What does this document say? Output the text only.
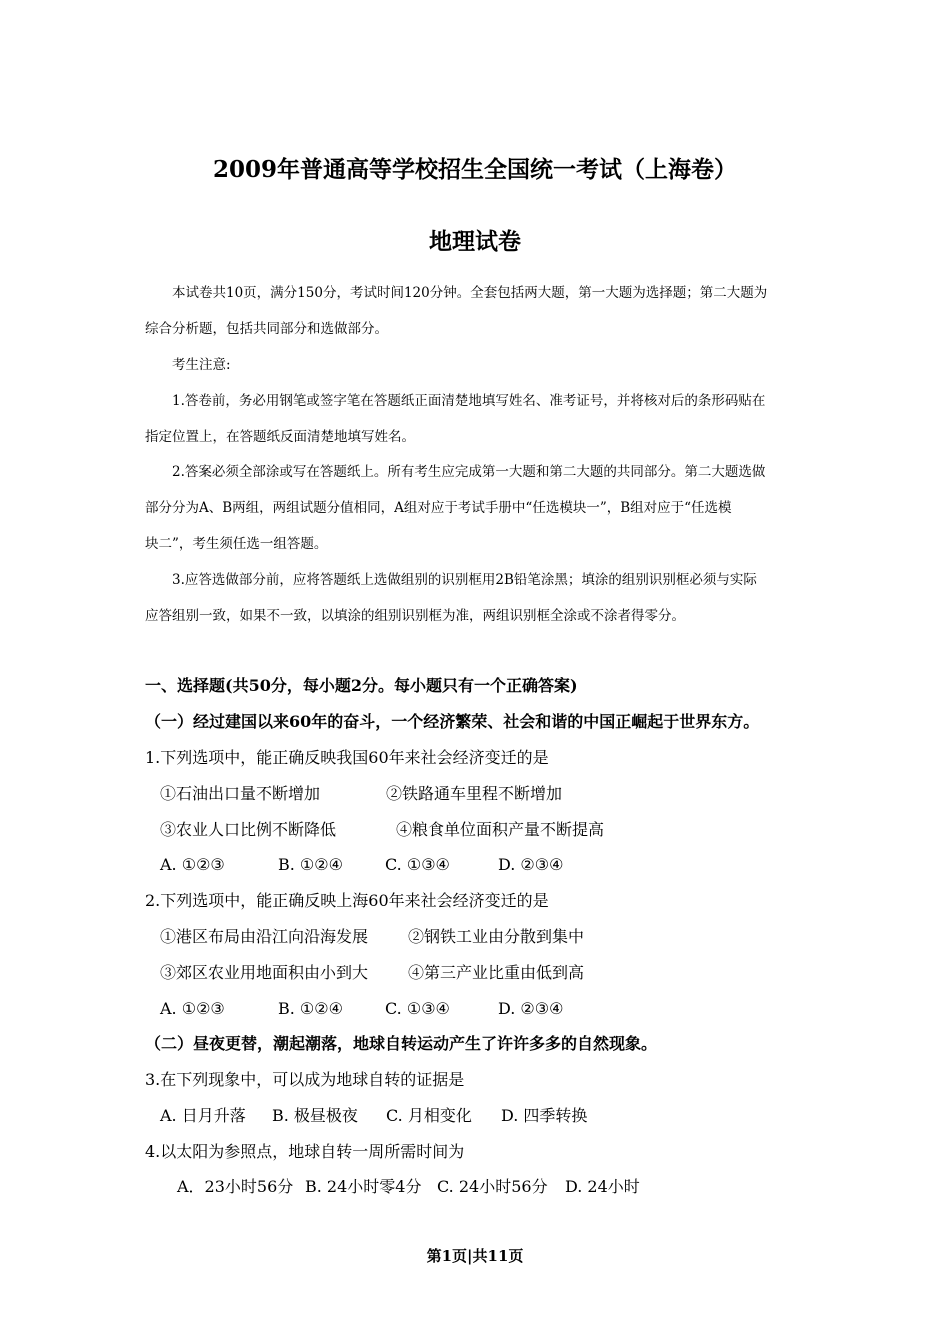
2009年普通高等学校招生全国统一考试（上海卷）
地理试卷
本试卷共10页，满分150分，考试时间120分钟。全套包括两大题，第一大题为选择题；第二大题为
综合分析题，包括共同部分和选做部分。
考生注意:
1.答卷前，务必用钢笔或签字笔在答题纸正面清楚地填写姓名、准考证号，并将核对后的条形码贴在
指定位置上，在答题纸反面清楚地填写姓名。
2.答案必须全部涂或写在答题纸上。所有考生应完成第一大题和第二大题的共同部分。第二大题选做
部分分为A、B两组，两组试题分值相同，A组对应于考试手册中“任选模块一”，B组对应于“任选模
块二”，考生须任选一组答题。
3.应答选做部分前，应将答题纸上选做组别的识别框用2B铅笔涂黑；填涂的组别识别框必须与实际
应答组别一致，如果不一致，以填涂的组别识别框为准，两组识别框全涂或不涂者得零分。
一、选择题(共50分，每小题2分。每小题只有一个正确答案)
（一）经过建国以来60年的奋斗，一个经济繁荣、社会和谐的中国正崛起于世界东方。
1.下列选项中，能正确反映我国60年来社会经济变迁的是
①石油出口量不断增加	②铁路通车里程不断增加
③农业人口比例不断降低	④粮食单位面积产量不断提高
A. ①②③	B. ①②④	C. ①③④	D. ②③④
2.下列选项中，能正确反映上海60年来社会经济变迁的是
①港区布局由沿江向沿海发展 ②钢铁工业由分散到集中
③郊区农业用地面积由小到大 ④第三产业比重由低到高
A. ①②③	B. ①②④	C. ①③④	D. ②③④
（二）昼夜更替，潮起潮落，地球自转运动产生了许许多多的自然现象。
3.在下列现象中，可以成为地球自转的证据是
A. 日月升落 B. 极昼极夜 C. 月相变化 D. 四季转换
4.以太阳为参照点，地球自转一周所需时间为
A．23小时56分 B. 24小时零4分 C. 24小时56分 D. 24小时
第1页|共11页
